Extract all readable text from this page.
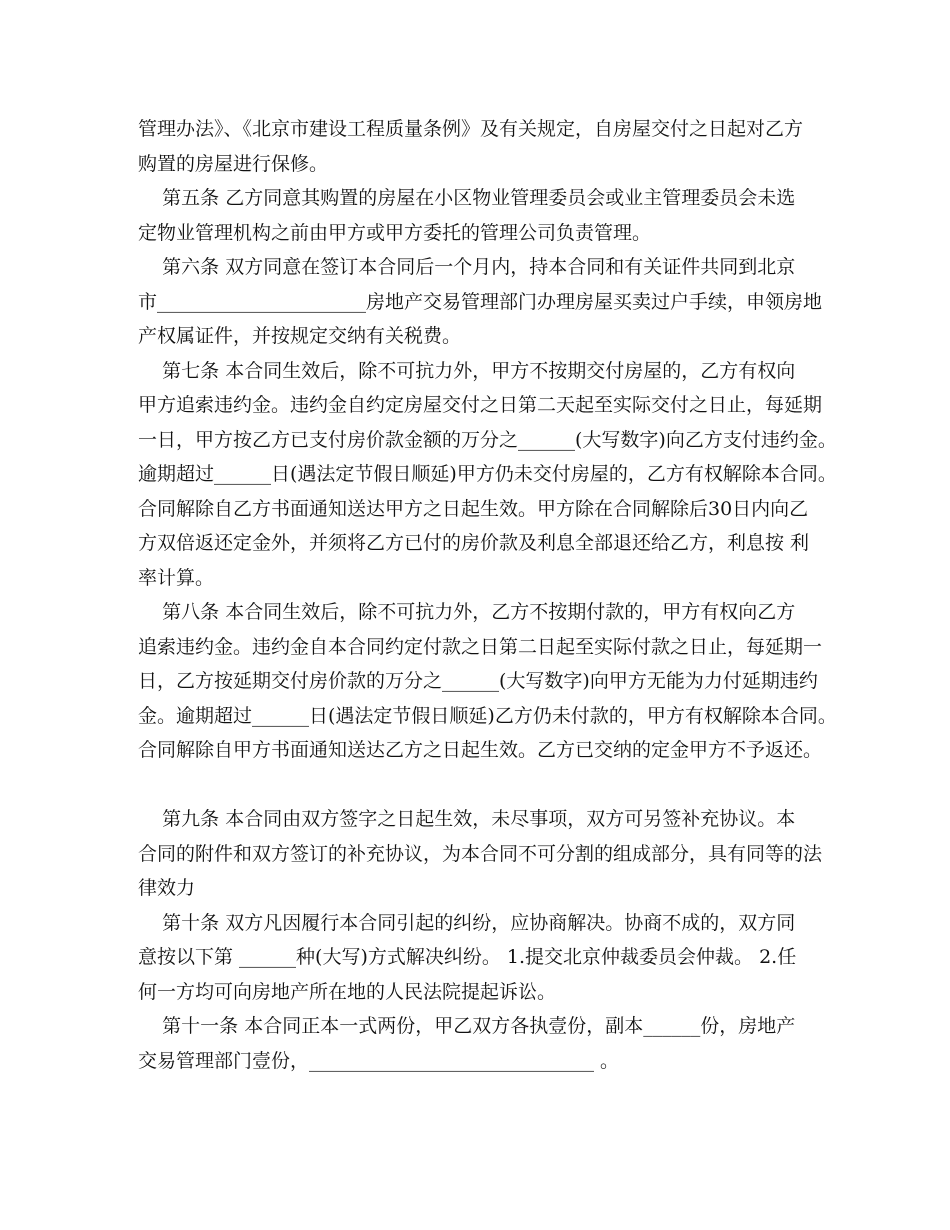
管理办法》、《北京市建设工程质量条例》及有关规定，自房屋交付之日起对乙方
购置的房屋进行保修。
第五条 乙方同意其购置的房屋在小区物业管理委员会或业主管理委员会未选
定物业管理机构之前由甲方或甲方委托的管理公司负责管理。
第六条 双方同意在签订本合同后一个月内，持本合同和有关证件共同到北京
市______________________房地产交易管理部门办理房屋买卖过户手续，申领房地
产权属证件，并按规定交纳有关税费。
第七条 本合同生效后，除不可抗力外，甲方不按期交付房屋的，乙方有权向
甲方追索违约金。违约金自约定房屋交付之日第二天起至实际交付之日止，每延期
一日，甲方按乙方已支付房价款金额的万分之______(大写数字)向乙方支付违约金。
逾期超过______日(遇法定节假日顺延)甲方仍未交付房屋的，乙方有权解除本合同。
合同解除自乙方书面通知送达甲方之日起生效。甲方除在合同解除后30日内向乙
方双倍返还定金外，并须将乙方已付的房价款及利息全部退还给乙方，利息按 利
率计算。
第八条 本合同生效后，除不可抗力外，乙方不按期付款的，甲方有权向乙方
追索违约金。违约金自本合同约定付款之日第二日起至实际付款之日止，每延期一
日，乙方按延期交付房价款的万分之______(大写数字)向甲方无能为力付延期违约
金。逾期超过______日(遇法定节假日顺延)乙方仍未付款的，甲方有权解除本合同。
合同解除自甲方书面通知送达乙方之日起生效。乙方已交纳的定金甲方不予返还。
第九条 本合同由双方签字之日起生效，未尽事项，双方可另签补充协议。本
合同的附件和双方签订的补充协议，为本合同不可分割的组成部分，具有同等的法
律效力
第十条 双方凡因履行本合同引起的纠纷，应协商解决。协商不成的，双方同
意按以下第 ______种(大写)方式解决纠纷。 1.提交北京仲裁委员会仲裁。 2.任
何一方均可向房地产所在地的人民法院提起诉讼。
第十一条 本合同正本一式两份，甲乙双方各执壹份，副本______份，房地产
交易管理部门壹份，______________________________ 。
